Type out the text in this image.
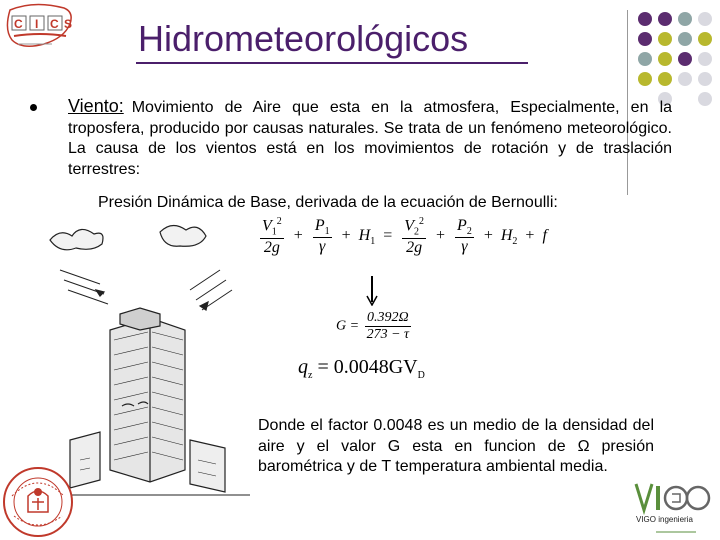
C I C S Hidrometeorológicos

Viento: Movimiento de Aire que esta en la atmosfera, Especialmente, en la troposfera, producido por causas naturales. Se trata de un fenómeno meteorológico. La causa de los vientos está en los movimientos de rotación y de traslación terrestres:

Presión Dinámica de Base, derivada de la ecuación de Bernoulli:

$\frac{V_1^2}{2g} + \frac{P_1}{\gamma} + H_1 = \frac{V_2^2}{2g} + \frac{P_2}{\gamma} + H_2 + f$
$G = \frac{0.392\Omega}{273 - \tau}$
$q_z = 0.0048GV_D$

Donde el factor 0.0048 es un medio de la densidad del aire y el valor G esta en funcion de Ω presión barométrica y de T temperatura ambiental media.

VIGO ingenieria
